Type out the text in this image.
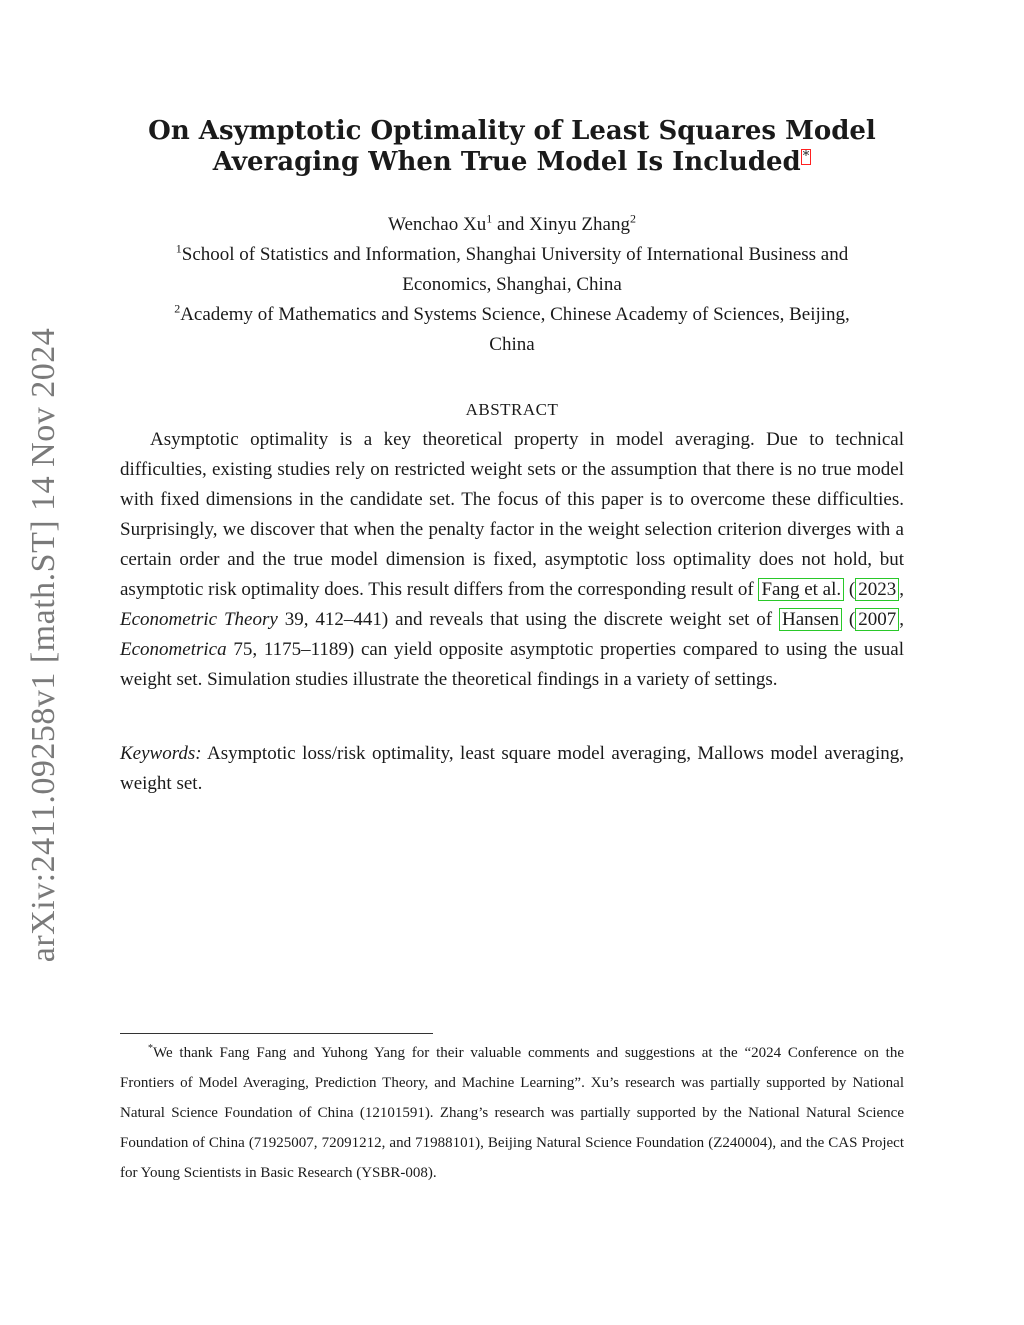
arXiv:2411.09258v1 [math.ST] 14 Nov 2024
On Asymptotic Optimality of Least Squares Model
Averaging When True Model Is Included *
Wenchao Xu$^1$ and Xinyu Zhang$^2$
$^1$School of Statistics and Information, Shanghai University of International Business and
Economics, Shanghai, China
$^2$Academy of Mathematics and Systems Science, Chinese Academy of Sciences, Beijing,
China
ABSTRACT
Asymptotic optimality is a key theoretical property in model averaging. Due to technical difficulties, existing studies rely on restricted weight sets or the assumption that there is no true model with fixed dimensions in the candidate set. The focus of this paper is to overcome these difficulties. Surprisingly, we discover that when the penalty factor in the weight selection criterion diverges with a certain order and the true model dimension is fixed, asymptotic loss optimality does not hold, but asymptotic risk optimality does. This result differs from the corresponding result of Fang et al. ( 2023 , Econometric Theory 39, 412–441) and reveals that using the discrete weight set of Hansen ( 2007 , Econometrica 75, 1175–1189) can yield opposite asymptotic properties compared to using the usual weight set. Simulation studies illustrate the theoretical findings in a variety of settings.
Keywords: Asymptotic loss/risk optimality, least square model averaging, Mallows model averaging, weight set.
*We thank Fang Fang and Yuhong Yang for their valuable comments and suggestions at the “2024 Conference on the Frontiers of Model Averaging, Prediction Theory, and Machine Learning”. Xu’s research was partially supported by National Natural Science Foundation of China (12101591). Zhang’s research was partially supported by the National Natural Science Foundation of China (71925007, 72091212, and 71988101), Beijing Natural Science Foundation (Z240004), and the CAS Project for Young Scientists in Basic Research (YSBR-008).
